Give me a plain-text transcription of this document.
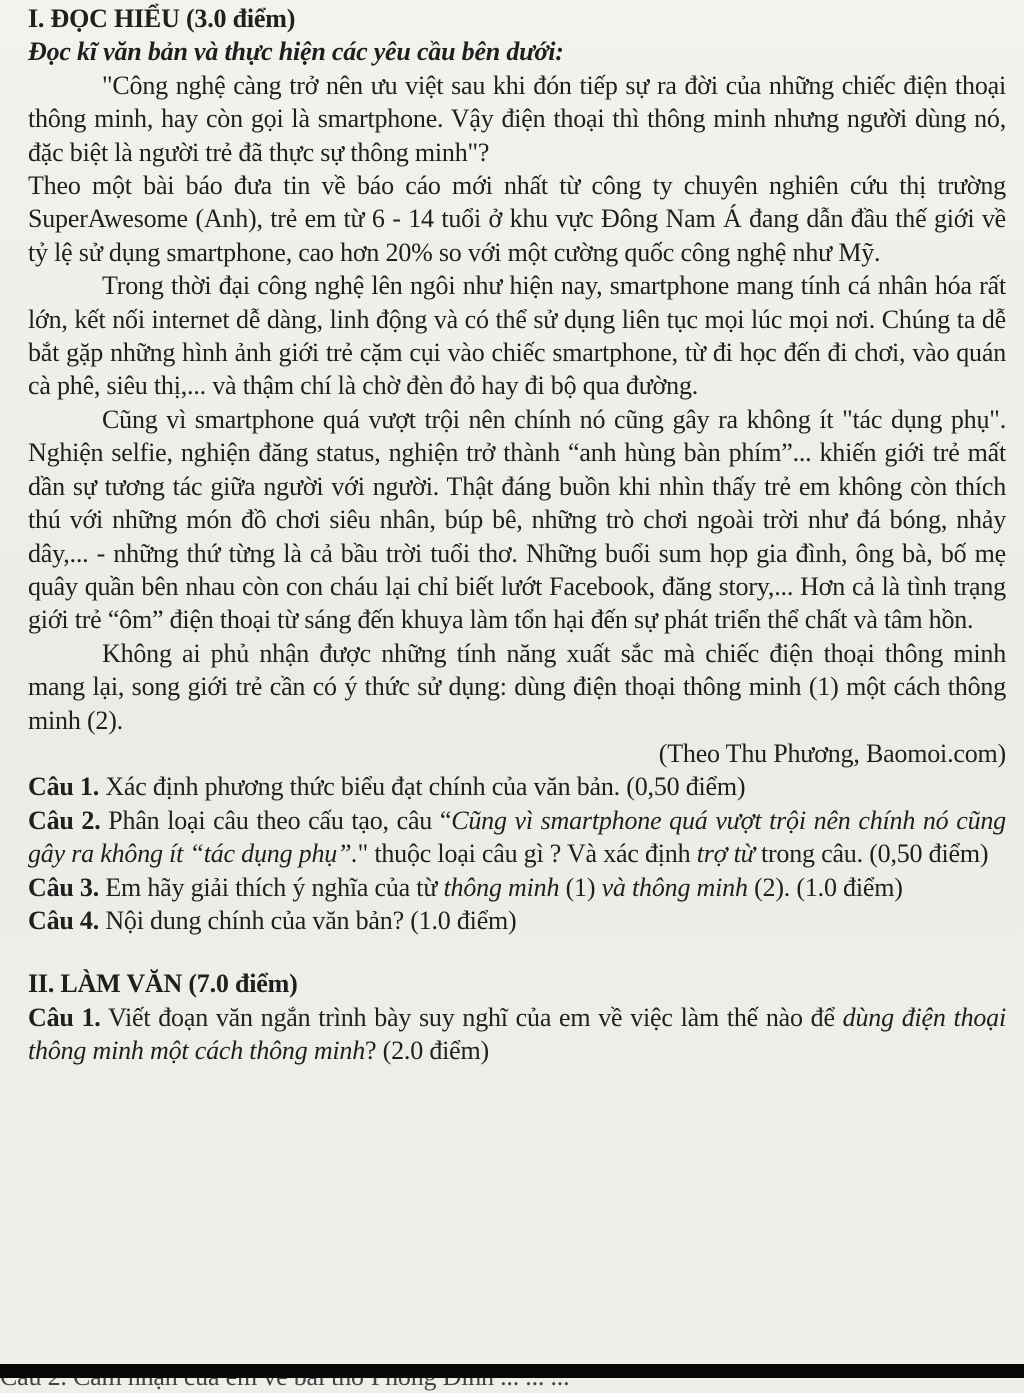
I. ĐỌC HIỂU (3.0 điểm)
Đọc kĩ văn bản và thực hiện các yêu cầu bên dưới:

"Công nghệ càng trở nên ưu việt sau khi đón tiếp sự ra đời của những chiếc điện thoại thông minh, hay còn gọi là smartphone. Vậy điện thoại thì thông minh nhưng người dùng nó, đặc biệt là người trẻ đã thực sự thông minh"?

Theo một bài báo đưa tin về báo cáo mới nhất từ công ty chuyên nghiên cứu thị trường SuperAwesome (Anh), trẻ em từ 6 - 14 tuổi ở khu vực Đông Nam Á đang dẫn đầu thế giới về tỷ lệ sử dụng smartphone, cao hơn 20% so với một cường quốc công nghệ như Mỹ.

Trong thời đại công nghệ lên ngôi như hiện nay, smartphone mang tính cá nhân hóa rất lớn, kết nối internet dễ dàng, linh động và có thể sử dụng liên tục mọi lúc mọi nơi. Chúng ta dễ bắt gặp những hình ảnh giới trẻ cặm cụi vào chiếc smartphone, từ đi học đến đi chơi, vào quán cà phê, siêu thị,... và thậm chí là chờ đèn đỏ hay đi bộ qua đường.

Cũng vì smartphone quá vượt trội nên chính nó cũng gây ra không ít "tác dụng phụ". Nghiện selfie, nghiện đăng status, nghiện trở thành “anh hùng bàn phím”... khiến giới trẻ mất dần sự tương tác giữa người với người. Thật đáng buồn khi nhìn thấy trẻ em không còn thích thú với những món đồ chơi siêu nhân, búp bê, những trò chơi ngoài trời như đá bóng, nhảy dây,... - những thứ từng là cả bầu trời tuổi thơ. Những buổi sum họp gia đình, ông bà, bố mẹ quây quần bên nhau còn con cháu lại chỉ biết lướt Facebook, đăng story,... Hơn cả là tình trạng giới trẻ “ôm” điện thoại từ sáng đến khuya làm tổn hại đến sự phát triển thể chất và tâm hồn.

Không ai phủ nhận được những tính năng xuất sắc mà chiếc điện thoại thông minh mang lại, song giới trẻ cần có ý thức sử dụng: dùng điện thoại thông minh (1) một cách thông minh (2).

(Theo Thu Phương, Baomoi.com)

Câu 1. Xác định phương thức biểu đạt chính của văn bản. (0,50 điểm)

Câu 2. Phân loại câu theo cấu tạo, câu “Cũng vì smartphone quá vượt trội nên chính nó cũng gây ra không ít “tác dụng phụ”." thuộc loại câu gì ? Và xác định trợ từ trong câu. (0,50 điểm)

Câu 3. Em hãy giải thích ý nghĩa của từ thông minh (1) và thông minh (2). (1.0 điểm)

Câu 4. Nội dung chính của văn bản? (1.0 điểm)

II. LÀM VĂN (7.0 điểm)

Câu 1. Viết đoạn văn ngắn trình bày suy nghĩ của em về việc làm thế nào để dùng điện thoại thông minh một cách thông minh? (2.0 điểm)
